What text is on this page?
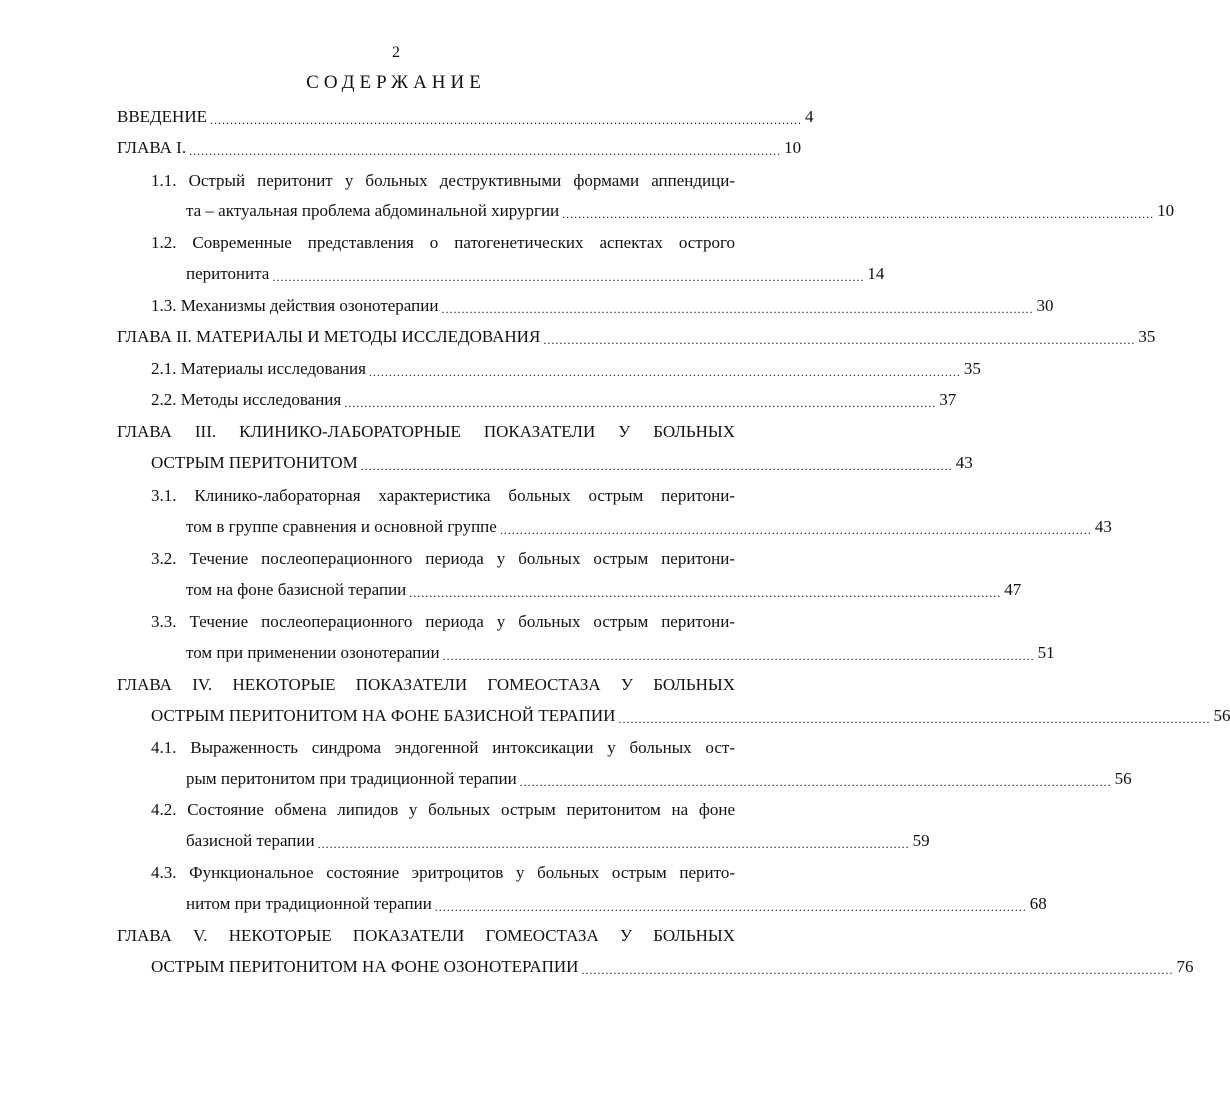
2
СОДЕРЖАНИЕ
ВВЕДЕНИЕ .................................................................................................................................................... 4
ГЛАВА I. .................................................................................................................................................... 10
1.1. Острый перитонит у больных деструктивными формами аппендици-
та – актуальная проблема абдоминальной хирургии .................................................................................................................................................... 10
1.2. Современные представления о патогенетических аспектах острого
перитонита .................................................................................................................................................... 14
1.3. Механизмы действия озонотерапии .................................................................................................................................................... 30
ГЛАВА II. МАТЕРИАЛЫ И МЕТОДЫ ИССЛЕДОВАНИЯ .................................................................................................................................................... 35
2.1. Материалы исследования .................................................................................................................................................... 35
2.2. Методы исследования .................................................................................................................................................... 37
ГЛАВА III. КЛИНИКО-ЛАБОРАТОРНЫЕ ПОКАЗАТЕЛИ У БОЛЬНЫХ
ОСТРЫМ ПЕРИТОНИТОМ .................................................................................................................................................... 43
3.1. Клинико-лабораторная характеристика больных острым перитони-
том в группе сравнения и основной группе .................................................................................................................................................... 43
3.2. Течение послеоперационного периода у больных острым перитони-
том на фоне базисной терапии .................................................................................................................................................... 47
3.3. Течение послеоперационного периода у больных острым перитони-
том при применении озонотерапии .................................................................................................................................................... 51
ГЛАВА IV. НЕКОТОРЫЕ ПОКАЗАТЕЛИ ГОМЕОСТАЗА У БОЛЬНЫХ
ОСТРЫМ ПЕРИТОНИТОМ НА ФОНЕ БАЗИСНОЙ ТЕРАПИИ .................................................................................................................................................... 56
4.1. Выраженность синдрома эндогенной интоксикации у больных ост-
рым перитонитом при традиционной терапии .................................................................................................................................................... 56
4.2. Состояние обмена липидов у больных острым перитонитом на фоне
базисной терапии .................................................................................................................................................... 59
4.3. Функциональное состояние эритроцитов у больных острым перито-
нитом при традиционной терапии .................................................................................................................................................... 68
ГЛАВА V. НЕКОТОРЫЕ ПОКАЗАТЕЛИ ГОМЕОСТАЗА У БОЛЬНЫХ
ОСТРЫМ ПЕРИТОНИТОМ НА ФОНЕ ОЗОНОТЕРАПИИ .................................................................................................................................................... 76
